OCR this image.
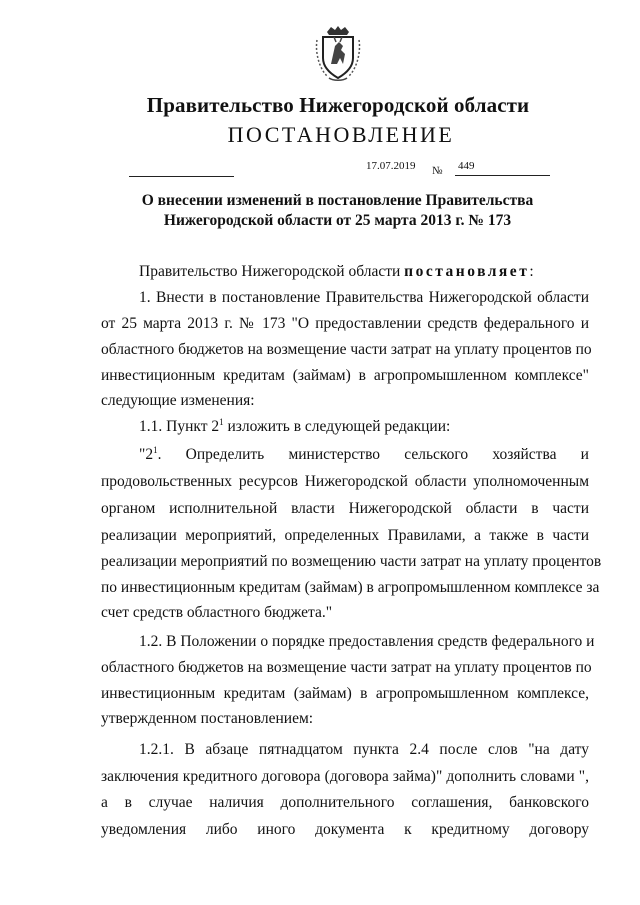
Правительство Нижегородской области
ПОСТАНОВЛЕНИЕ
17.07.2019 № 449
О внесении изменений в постановление Правительства
Нижегородской области от 25 марта 2013 г. № 173
Правительство Нижегородской области постановляет:
1. Внести в постановление Правительства Нижегородской области
от 25 марта 2013 г. № 173 "О предоставлении средств федерального и
областного бюджетов на возмещение части затрат на уплату процентов по
инвестиционным кредитам (займам) в агропромышленном комплексе"
следующие изменения:
1.1. Пункт $2^1$ изложить в следующей редакции:
"$2^1$. Определить министерство сельского хозяйства и
продовольственных ресурсов Нижегородской области уполномоченным
органом исполнительной власти Нижегородской области в части
реализации мероприятий, определенных Правилами, а также в части
реализации мероприятий по возмещению части затрат на уплату процентов
по инвестиционным кредитам (займам) в агропромышленном комплексе за
счет средств областного бюджета."
1.2. В Положении о порядке предоставления средств федерального и
областного бюджетов на возмещение части затрат на уплату процентов по
инвестиционным кредитам (займам) в агропромышленном комплексе,
утвержденном постановлением:
1.2.1. В абзаце пятнадцатом пункта 2.4 после слов "на дату
заключения кредитного договора (договора займа)" дополнить словами ",
а в случае наличия дополнительного соглашения, банковского
уведомления либо иного документа к кредитному договору
